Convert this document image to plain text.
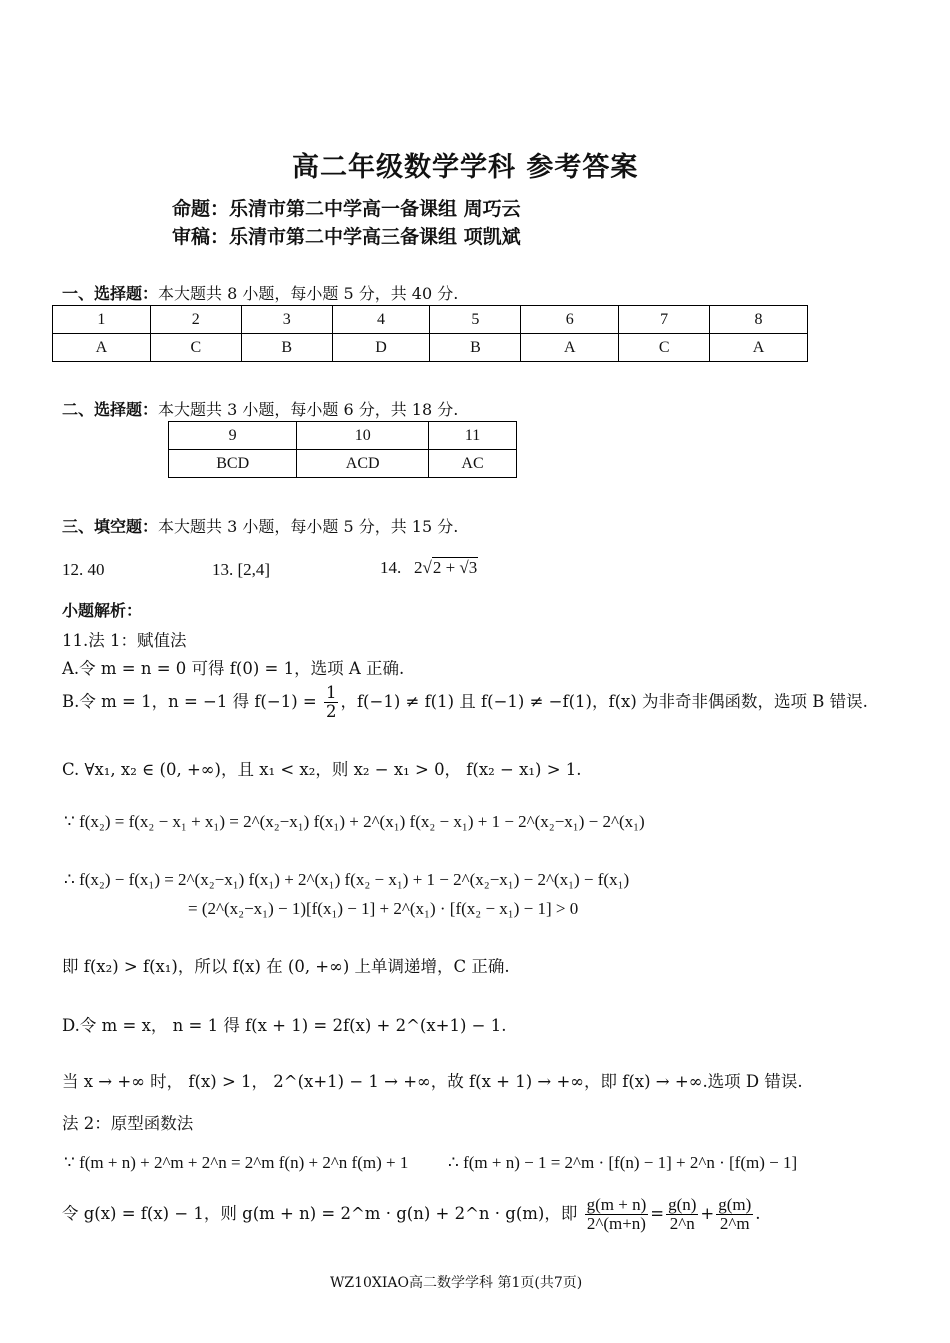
高二年级数学学科 参考答案
命题：乐清市第二中学高一备课组 周巧云
审稿：乐清市第二中学高三备课组 项凯斌
一、选择题：本大题共 8 小题，每小题 5 分，共 40 分.
1	2	3	4	5	6	7	8
A	C	B	D	B	A	C	A
二、选择题：本大题共 3 小题，每小题 6 分，共 18 分.
9	10	11
BCD	ACD	AC
三、填空题：本大题共 3 小题，每小题 5 分，共 15 分.
12. 40	13. [2,4]	14. 2√2 + √3
小题解析：
11.法 1：赋值法
A.令 m = n = 0 可得 f(0) = 1，选项 A 正确.
B.令 m = 1，n = −1 得 $f(-1) = \frac{1}{2}$ ，f(−1) ≠ f(1) 且 f(−1) ≠ −f(1)，f(x) 为非奇非偶函数，选项 B 错误.
C. ∀x₁, x₂ ∈ (0, +∞)，且 x₁ < x₂，则 x₂ − x₁ > 0， f(x₂ − x₁) > 1.
∵ f(x₂) = f(x₂ − x₁ + x₁) = 2^(x₂−x₁) f(x₁) + 2^(x₁) f(x₂ − x₁) + 1 − 2^(x₂−x₁) − 2^(x₁)
∴ f(x₂) − f(x₁) = 2^(x₂−x₁) f(x₁) + 2^(x₁) f(x₂ − x₁) + 1 − 2^(x₂−x₁) − 2^(x₁) − f(x₁)
= (2^(x₂−x₁) − 1)[f(x₁) − 1] + 2^(x₁) · [f(x₂ − x₁) − 1] > 0
即 f(x₂) > f(x₁)，所以 f(x) 在 (0, +∞) 上单调递增，C 正确.
D.令 m = x， n = 1 得 f(x + 1) = 2f(x) + 2^(x+1) − 1.
当 x → +∞ 时， f(x) > 1， 2^(x+1) − 1 → +∞，故 f(x + 1) → +∞，即 f(x) → +∞.选项 D 错误.
法 2：原型函数法
∵ f(m + n) + 2^m + 2^n = 2^m f(n) + 2^n f(m) + 1 ∴ f(m + n) − 1 = 2^m · [f(n) − 1] + 2^n · [f(m) − 1]
令 g(x) = f(x) − 1，则 g(m + n) = 2^m · g(n) + 2^n · g(m)，即 $\frac{g(m + n)}{2\^{}(m+n)} = \frac{g(n)}{2\^{}n} + \frac{g(m)}{2\^{}m}$ .
WZ10XIAO高二数学学科 第1页(共7页)
